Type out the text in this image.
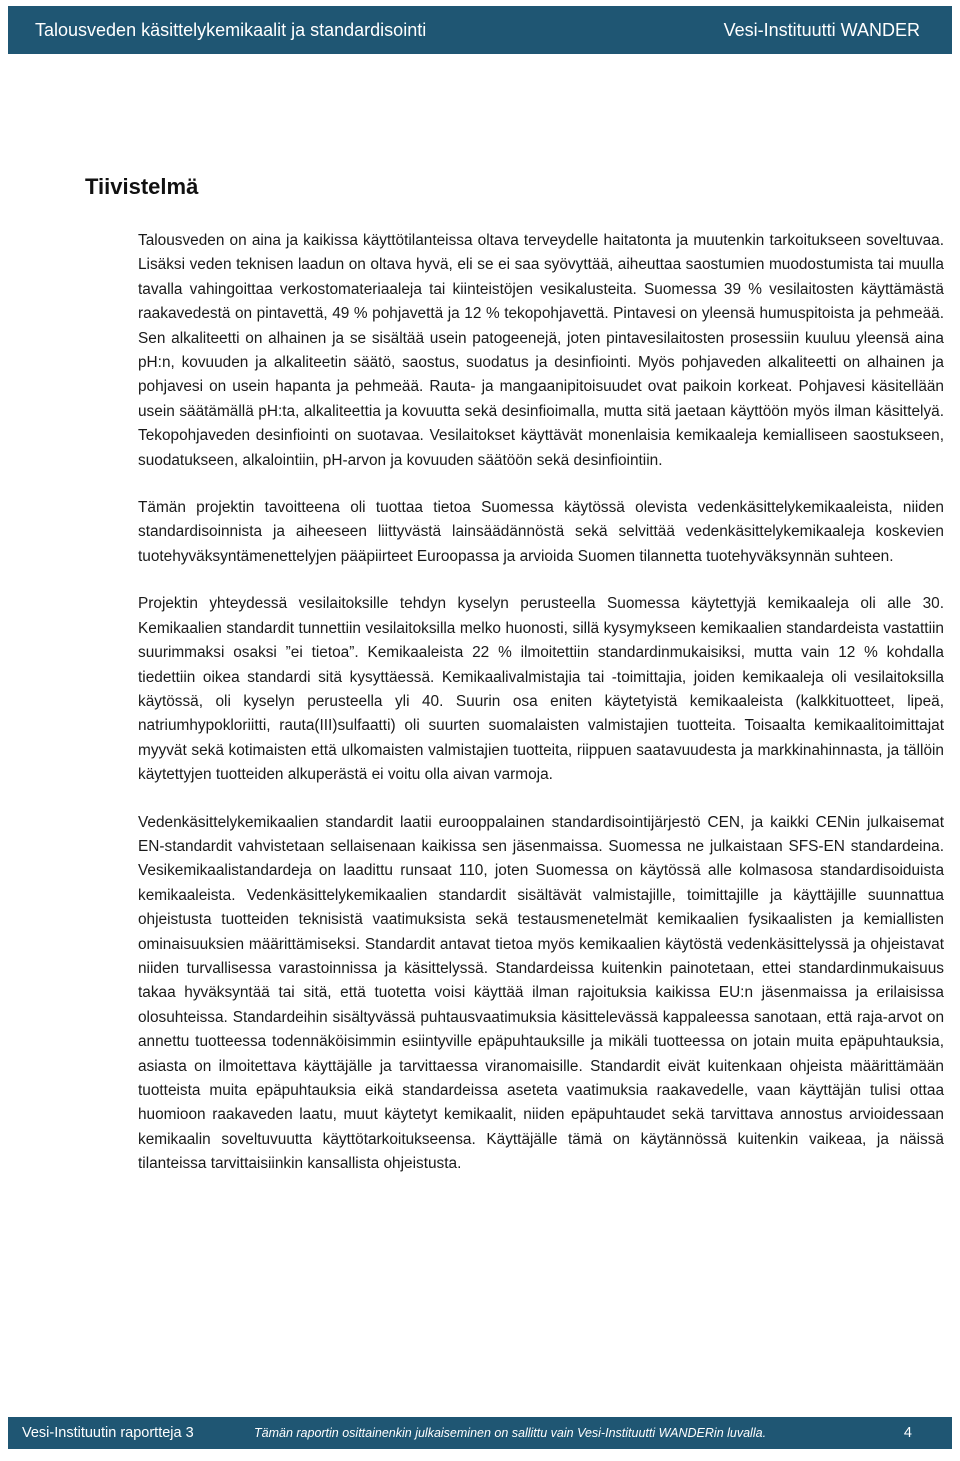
Talousveden käsittelykemikaalit ja standardisointi	Vesi-Instituutti WANDER
Tiivistelmä

Talousveden on aina ja kaikissa käyttötilanteissa oltava terveydelle haitatonta ja muutenkin tarkoitukseen soveltuvaa. Lisäksi veden teknisen laadun on oltava hyvä, eli se ei saa syövyttää, aiheuttaa saostumien muodostumista tai muulla tavalla vahingoittaa verkostomateriaaleja tai kiinteistöjen vesikalusteita. Suomessa 39 % vesilaitosten käyttämästä raakavedestä on pintavettä, 49 % pohjavettä ja 12 % tekopohjavettä. Pintavesi on yleensä humuspitoista ja pehmeää. Sen alkaliteetti on alhainen ja se sisältää usein patogeenejä, joten pintavesilaitosten prosessiin kuuluu yleensä aina pH:n, kovuuden ja alkaliteetin säätö, saostus, suodatus ja desinfiointi. Myös pohjaveden alkaliteetti on alhainen ja pohjavesi on usein hapanta ja pehmeää. Rauta- ja mangaanipitoisuudet ovat paikoin korkeat. Pohjavesi käsitellään usein säätämällä pH:ta, alkaliteettia ja kovuutta sekä desinfioimalla, mutta sitä jaetaan käyttöön myös ilman käsittelyä. Tekopohjaveden desinfiointi on suotavaa. Vesilaitokset käyttävät monenlaisia kemikaaleja kemialliseen saostukseen, suodatukseen, alkalointiin, pH-arvon ja kovuuden säätöön sekä desinfiointiin.

Tämän projektin tavoitteena oli tuottaa tietoa Suomessa käytössä olevista vedenkäsittelykemikaaleista, niiden standardisoinnista ja aiheeseen liittyvästä lainsäädännöstä sekä selvittää vedenkäsittelykemikaaleja koskevien tuotehyväksyntämenettelyjen pääpiirteet Euroopassa ja arvioida Suomen tilannetta tuotehyväksynnän suhteen.

Projektin yhteydessä vesilaitoksille tehdyn kyselyn perusteella Suomessa käytettyjä kemikaaleja oli alle 30. Kemikaalien standardit tunnettiin vesilaitoksilla melko huonosti, sillä kysymykseen kemikaalien standardeista vastattiin suurimmaksi osaksi ”ei tietoa”. Kemikaaleista 22 % ilmoitettiin standardinmukaisiksi, mutta vain 12 % kohdalla tiedettiin oikea standardi sitä kysyttäessä. Kemikaalivalmistajia tai -toimittajia, joiden kemikaaleja oli vesilaitoksilla käytössä, oli kyselyn perusteella yli 40. Suurin osa eniten käytetyistä kemikaaleista (kalkkituotteet, lipeä, natriumhypokloriitti, rauta(III)sulfaatti) oli suurten suomalaisten valmistajien tuotteita. Toisaalta kemikaalitoimittajat myyvät sekä kotimaisten että ulkomaisten valmistajien tuotteita, riippuen saatavuudesta ja markkinahinnasta, ja tällöin käytettyjen tuotteiden alkuperästä ei voitu olla aivan varmoja.

Vedenkäsittelykemikaalien standardit laatii eurooppalainen standardisointijärjestö CEN, ja kaikki CENin julkaisemat EN-standardit vahvistetaan sellaisenaan kaikissa sen jäsenmaissa. Suomessa ne julkaistaan SFS-EN standardeina. Vesikemikaalistandardeja on laadittu runsaat 110, joten Suomessa on käytössä alle kolmasosa standardisoiduista kemikaaleista. Vedenkäsittelykemikaalien standardit sisältävät valmistajille, toimittajille ja käyttäjille suunnattua ohjeistusta tuotteiden teknisistä vaatimuksista sekä testausmenetelmät kemikaalien fysikaalisten ja kemiallisten ominaisuuksien määrittämiseksi. Standardit antavat tietoa myös kemikaalien käytöstä vedenkäsittelyssä ja ohjeistavat niiden turvallisessa varastoinnissa ja käsittelyssä. Standardeissa kuitenkin painotetaan, ettei standardinmukaisuus takaa hyväksyntää tai sitä, että tuotetta voisi käyttää ilman rajoituksia kaikissa EU:n jäsenmaissa ja erilaisissa olosuhteissa. Standardeihin sisältyvässä puhtausvaatimuksia käsittelevässä kappaleessa sanotaan, että raja-arvot on annettu tuotteessa todennäköisimmin esiintyville epäpuhtauksille ja mikäli tuotteessa on jotain muita epäpuhtauksia, asiasta on ilmoitettava käyttäjälle ja tarvittaessa viranomaisille. Standardit eivät kuitenkaan ohjeista määrittämään tuotteista muita epäpuhtauksia eikä standardeissa aseteta vaatimuksia raakavedelle, vaan käyttäjän tulisi ottaa huomioon raakaveden laatu, muut käytetyt kemikaalit, niiden epäpuhtaudet sekä tarvittava annostus arvioidessaan kemikaalin soveltuvuutta käyttötarkoitukseensa. Käyttäjälle tämä on käytännössä kuitenkin vaikeaa, ja näissä tilanteissa tarvittaisiinkin kansallista ohjeistusta.

Vesi-Instituutin raportteja 3	Tämän raportin osittainenkin julkaiseminen on sallittu vain Vesi-Instituutti WANDERin luvalla.	4
